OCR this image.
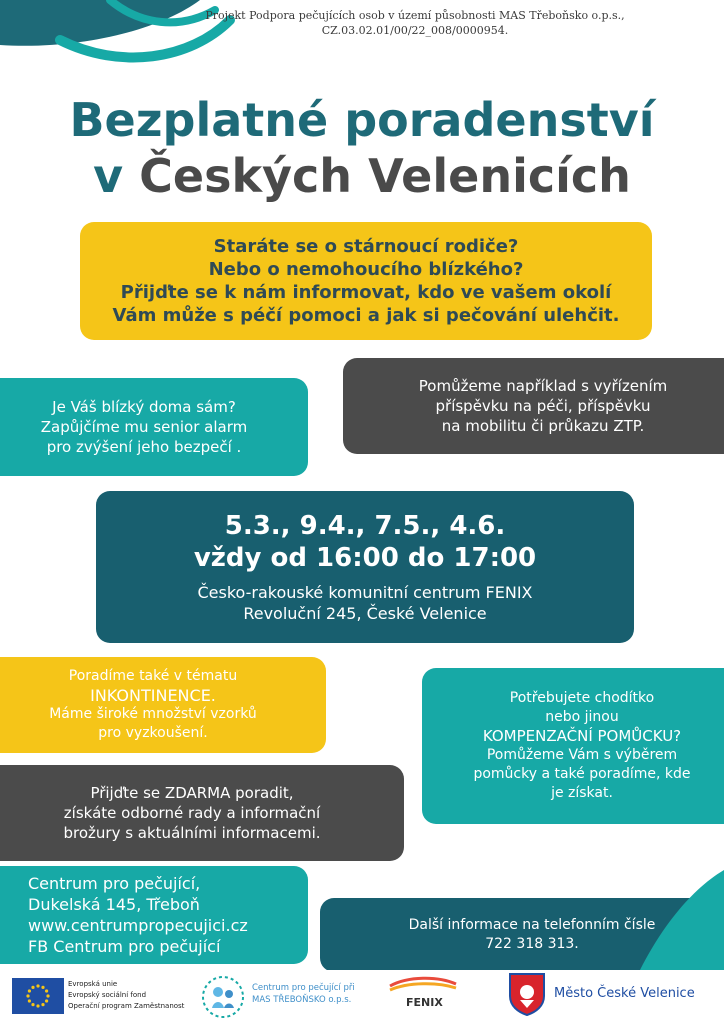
Projekt Podpora pečujících osob v území působnosti MAS Třeboňsko o.p.s.,
CZ.03.02.01/00/22_008/0000954.
Bezplatné poradenství
v Českých Velenicích
Staráte se o stárnoucí rodiče?
Nebo o nemohoucího blízkého?
Přijďte se k nám informovat, kdo ve vašem okolí
Vám může s péčí pomoci a jak si pečování ulehčit.
Je Váš blízký doma sám?
Zapůjčíme mu senior alarm
pro zvýšení jeho bezpečí .
Pomůžeme například s vyřízením
příspěvku na péči, příspěvku
na mobilitu či průkazu ZTP.
5.3., 9.4., 7.5., 4.6.
vždy od 16:00 do 17:00
Česko-rakouské komunitní centrum FENIX
Revoluční 245, České Velenice
Poradíme také v tématu
INKONTINENCE.
Máme široké množství vzorků
pro vyzkoušení.
Potřebujete chodítko
nebo jinou
KOMPENZAČNÍ POMŮCKU?
Pomůžeme Vám s výběrem
pomůcky a také poradíme, kde
je získat.
Přijďte se ZDARMA poradit,
získáte odborné rady a informační
brožury s aktuálními informacemi.
Centrum pro pečující,
Dukelská 145, Třeboň
www.centrumpropecujici.cz
FB Centrum pro pečující
Další informace na telefonním čísle
722 318 313.
Evropská unie
Evropský sociální fond
Operační program Zaměstnanost
Centrum pro pečující při
MAS TŘEBOŇSKO o.p.s.	FENIX
Město České Velenice
